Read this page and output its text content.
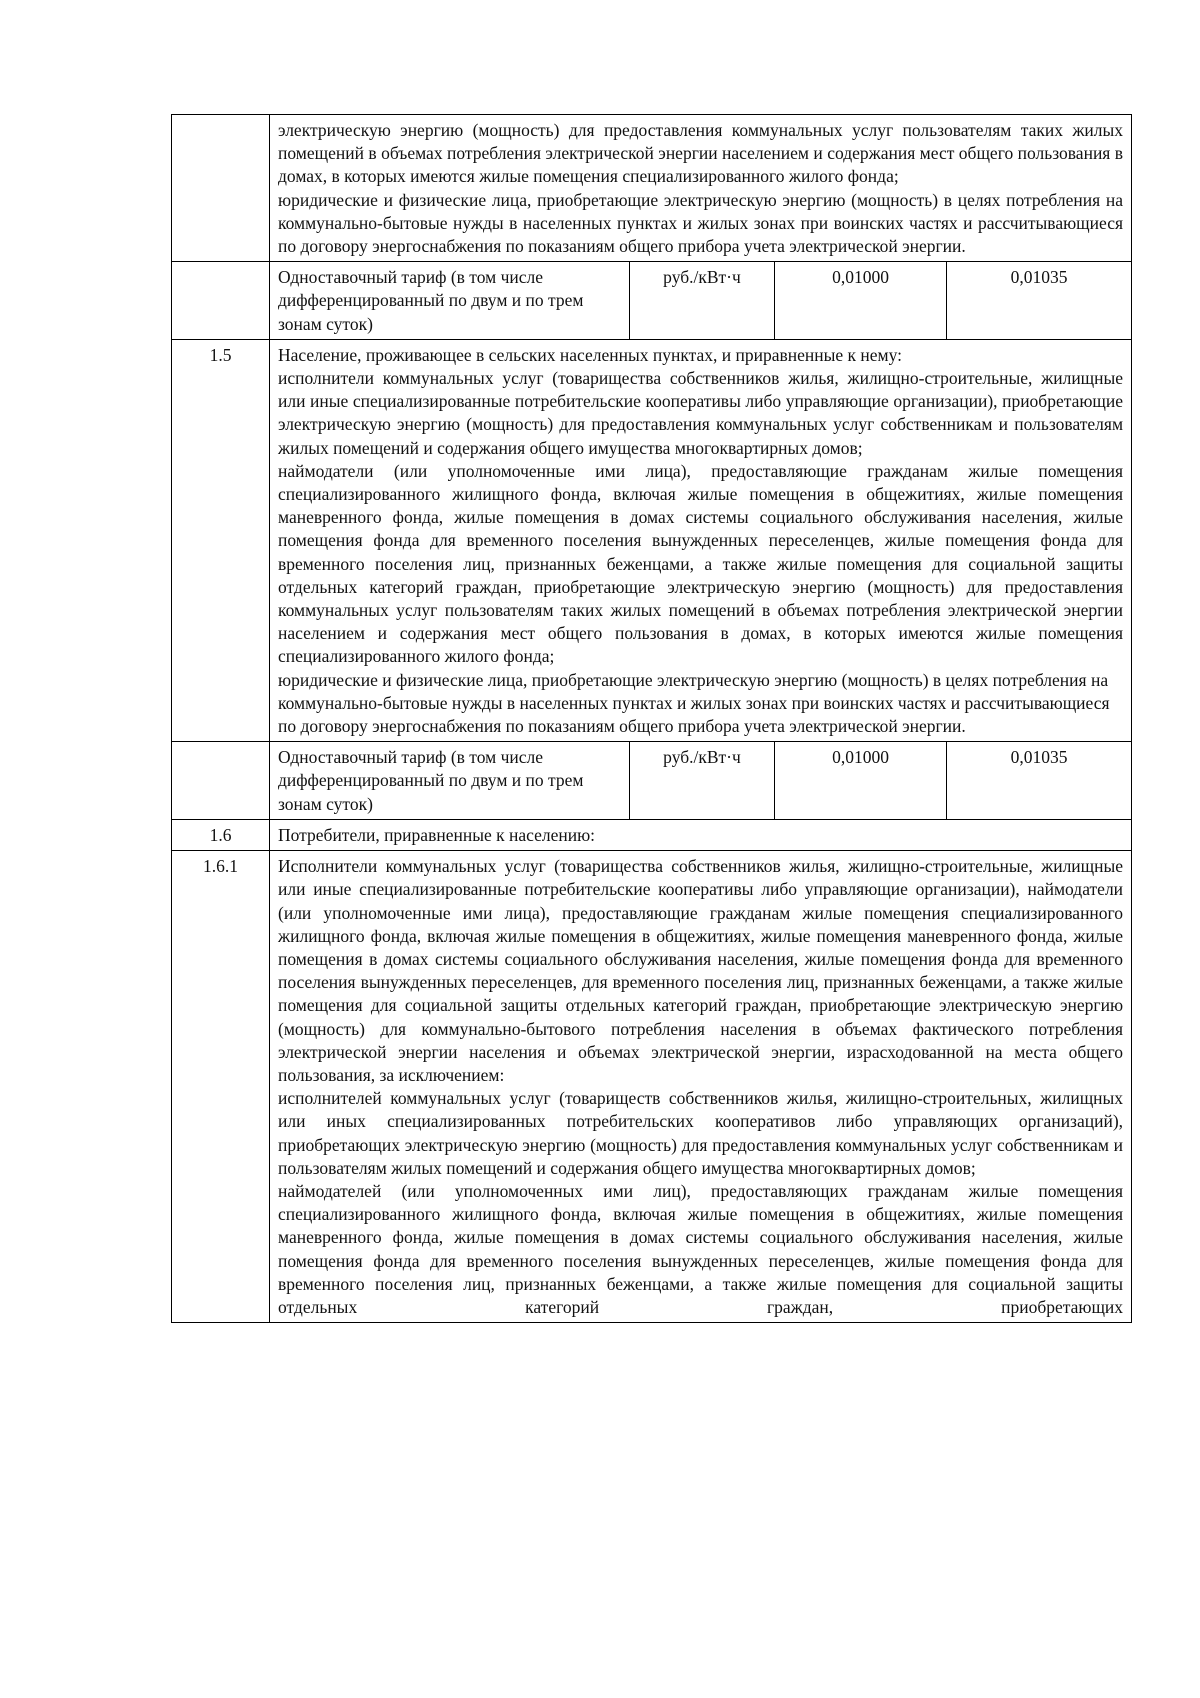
	электрическую энергию (мощность) для предоставления коммунальных услуг пользователям таких жилых помещений в объемах потребления электрической энергии населением и содержания мест общего пользования в домах, в которых имеются жилые помещения специализированного жилого фонда;

юридические и физические лица, приобретающие электрическую энергию (мощность) в целях потребления на коммунально-бытовые нужды в населенных пунктах и жилых зонах при воинских частях и рассчитывающиеся по договору энергоснабжения по показаниям общего прибора учета электрической энергии.			

	Одноставочный тариф (в том числе дифференцированный по двум и по трем зонам суток)	руб./кВт·ч	0,01000	0,01035
1.5	Население, проживающее в сельских населенных пунктах, и приравненные к нему:

исполнители коммунальных услуг (товарищества собственников жилья, жилищно-строительные, жилищные или иные специализированные потребительские кооперативы либо управляющие организации), приобретающие электрическую энергию (мощность) для предоставления коммунальных услуг собственникам и пользователям жилых помещений и содержания общего имущества многоквартирных домов;

наймодатели (или уполномоченные ими лица), предоставляющие гражданам жилые помещения специализированного жилищного фонда, включая жилые помещения в общежитиях, жилые помещения маневренного фонда, жилые помещения в домах системы социального обслуживания населения, жилые помещения фонда для временного поселения вынужденных переселенцев, жилые помещения фонда для временного поселения лиц, признанных беженцами, а также жилые помещения для социальной защиты отдельных категорий граждан, приобретающие электрическую энергию (мощность) для предоставления коммунальных услуг пользователям таких жилых помещений в объемах потребления электрической энергии населением и содержания мест общего пользования в домах, в которых имеются жилые помещения специализированного жилого фонда;

юридические и физические лица, приобретающие электрическую энергию (мощность) в целях потребления на коммунально-бытовые нужды в населенных пунктах и жилых зонах при воинских частях и рассчитывающиеся по договору энергоснабжения по показаниям общего прибора учета электрической энергии.			

	Одноставочный тариф (в том числе дифференцированный по двум и по трем зонам суток)	руб./кВт·ч	0,01000	0,01035
1.6	Потребители, приравненные к населению:			
1.6.1	Исполнители коммунальных услуг (товарищества собственников жилья, жилищно-строительные, жилищные или иные специализированные потребительские кооперативы либо управляющие организации), наймодатели (или уполномоченные ими лица), предоставляющие гражданам жилые помещения специализированного жилищного фонда, включая жилые помещения в общежитиях, жилые помещения маневренного фонда, жилые помещения в домах системы социального обслуживания населения, жилые помещения фонда для временного поселения вынужденных переселенцев, для временного поселения лиц, признанных беженцами, а также жилые помещения для социальной защиты отдельных категорий граждан, приобретающие электрическую энергию (мощность) для коммунально-бытового потребления населения в объемах фактического потребления электрической энергии населения и объемах электрической энергии, израсходованной на места общего пользования, за исключением:

исполнителей коммунальных услуг (товариществ собственников жилья, жилищно-строительных, жилищных или иных специализированных потребительских кооперативов либо управляющих организаций), приобретающих электрическую энергию (мощность) для предоставления коммунальных услуг собственникам и пользователям жилых помещений и содержания общего имущества многоквартирных домов;

наймодателей (или уполномоченных ими лиц), предоставляющих гражданам жилые помещения специализированного жилищного фонда, включая жилые помещения в общежитиях, жилые помещения маневренного фонда, жилые помещения в домах системы социального обслуживания населения, жилые помещения фонда для временного поселения вынужденных переселенцев, жилые помещения фонда для временного поселения лиц, признанных беженцами, а также жилые помещения для социальной защиты отдельных категорий граждан, приобретающих			
